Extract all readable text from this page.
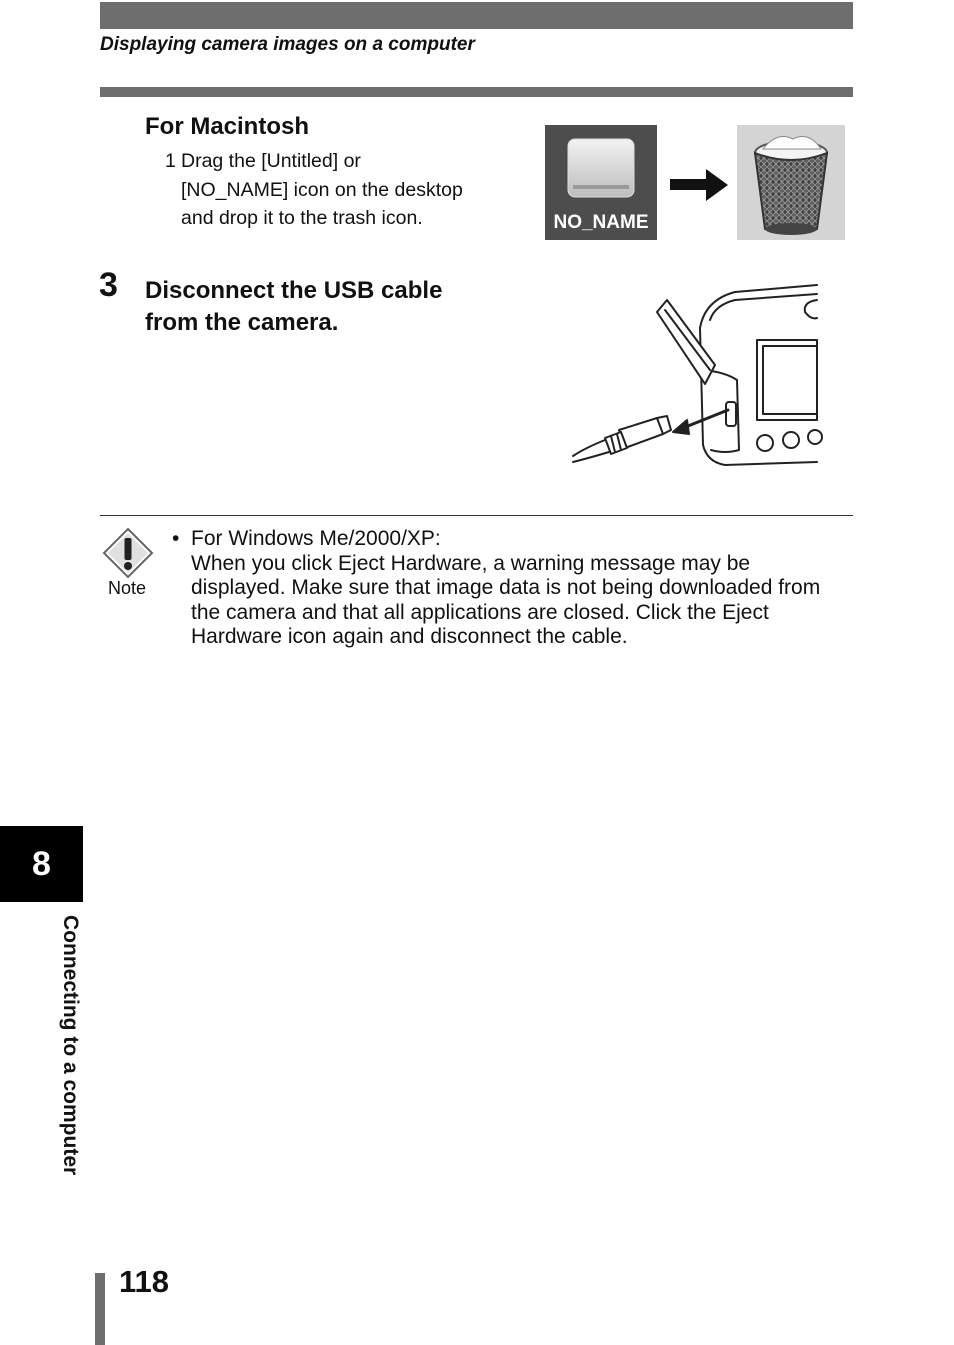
Displaying camera images on a computer
For Macintosh
1 Drag the [Untitled] or
[NO_NAME] icon on the desktop
and drop it to the trash icon.	NO_NAME
3 Disconnect the USB cable
from the camera.
Note
• For Windows Me/2000/XP:
When you click Eject Hardware, a warning message may be
displayed. Make sure that image data is not being downloaded from
the camera and that all applications are closed. Click the Eject
Hardware icon again and disconnect the cable.
8
Connecting to a computer
118
